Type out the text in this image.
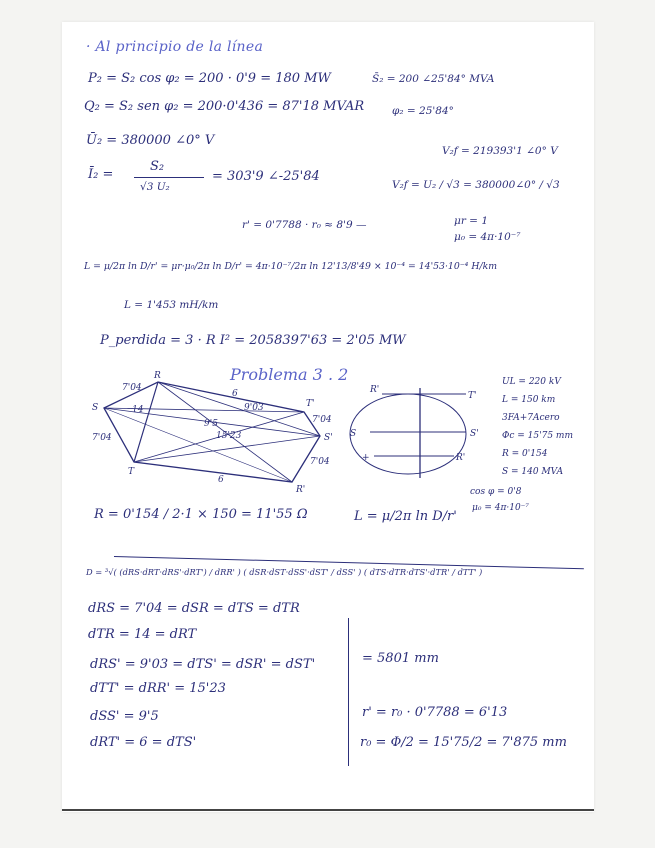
· Al principio de la línea
P₂ = S₂ cos φ₂ = 200 · 0'9 = 180 MW	S̄₂ = 200 ∠25'84° MVA
Q₂ = S₂ sen φ₂ = 200·0'436 = 87'18 MVAR	φ₂ = 25'84°
Ū₂ = 380000 ∠0° V
V₂f = 219393'1 ∠0° V
Ī₂ =
S₂
√3 U₂
= 303'9 ∠-25'84
V₂f = U₂ / √3 = 380000∠0° / √3
r' = 0'7788 · r₀ ≈ 8'9 —	μr = 1
μ₀ = 4π·10⁻⁷
L = μ/2π ln D/r' = μr·μ₀/2π ln D/r' = 4π·10⁻⁷/2π ln 12'13/8'49 × 10⁻⁴ = 14'53·10⁻⁴ H/km
L = 1'453 mH/km
P_perdida = 3 · R I² = 2058397'63 = 2'05 MW
Problema 3 . 2
R
S
T
T'
S'
R'
7'04
7'04
7'04
7'04
6
6
14	9'03
9'5
15'23
R'
T'
S	S'
+	R'
UL = 220 kV
L = 150 km
3FA+7Acero
Φc = 15'75 mm
R = 0'154
S = 140 MVA
cos φ = 0'8
μ₀ = 4π·10⁻⁷
R = 0'154 / 2·1 × 150 = 11'55 Ω	L = μ/2π ln D/r'
D = ³√( (dRS·dRT·dRS'·dRT') / dRR' ) ( dSR·dST·dSS'·dST' / dSS' ) ( dTS·dTR·dTS'·dTR' / dTT' )
dRS = 7'04 = dSR = dTS = dTR
dTR = 14 = dRT
dRS' = 9'03 = dTS' = dSR' = dST'
dTT' = dRR' = 15'23
dSS' = 9'5
dRT' = 6 = dTS'
= 5801 mm
r' = r₀ · 0'7788 = 6'13
r₀ = Φ/2 = 15'75/2 = 7'875 mm
